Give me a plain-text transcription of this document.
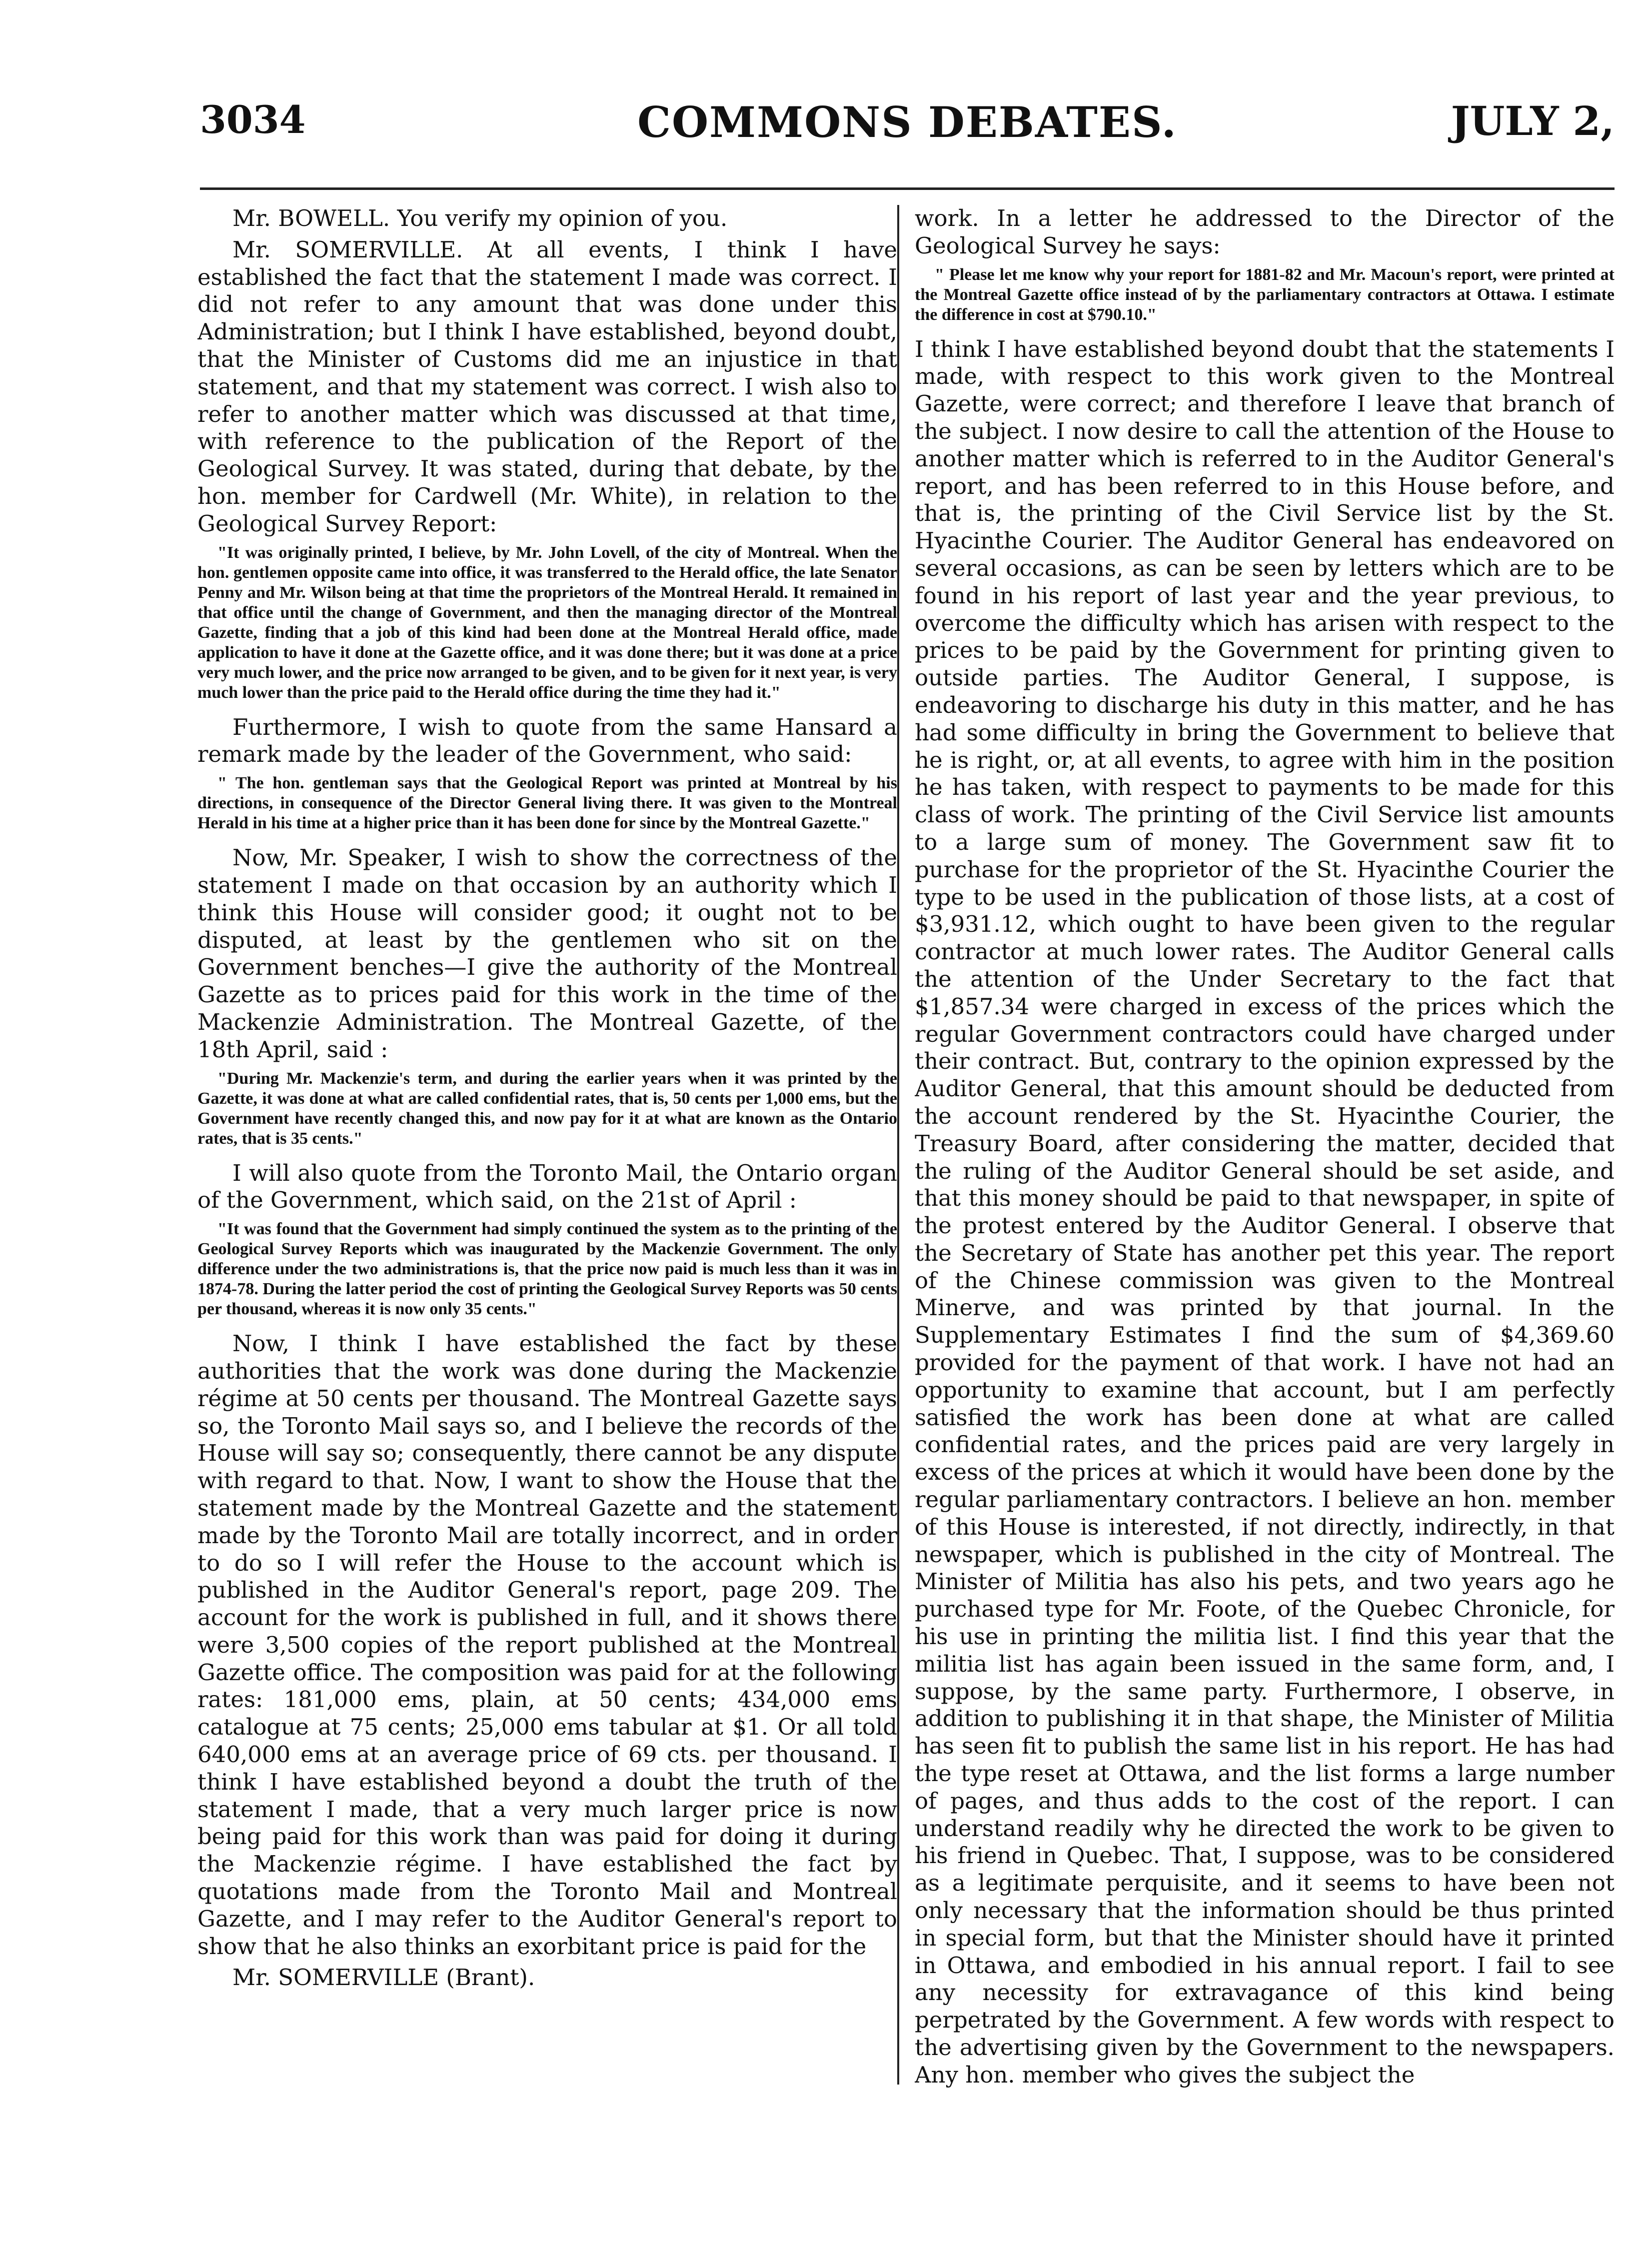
3034	COMMONS DEBATES.	JULY 2,

Mr. BOWELL. You verify my opinion of you.

Mr. SOMERVILLE. At all events, I think I have established the fact that the statement I made was correct. I did not refer to any amount that was done under this Administration; but I think I have established, beyond doubt, that the Minister of Customs did me an injustice in that statement, and that my statement was correct. I wish also to refer to another matter which was discussed at that time, with reference to the publication of the Report of the Geological Survey. It was stated, during that debate, by the hon. member for Cardwell (Mr. White), in relation to the Geological Survey Report:

"It was originally printed, I believe, by Mr. John Lovell, of the city of Montreal. When the hon. gentlemen opposite came into office, it was transferred to the Herald office, the late Senator Penny and Mr. Wilson being at that time the proprietors of the Montreal Herald. It remained in that office until the change of Government, and then the managing director of the Montreal Gazette, finding that a job of this kind had been done at the Montreal Herald office, made application to have it done at the Gazette office, and it was done there; but it was done at a price very much lower, and the price now arranged to be given, and to be given for it next year, is very much lower than the price paid to the Herald office during the time they had it."

Furthermore, I wish to quote from the same Hansard a remark made by the leader of the Government, who said:

" The hon. gentleman says that the Geological Report was printed at Montreal by his directions, in consequence of the Director General living there. It was given to the Montreal Herald in his time at a higher price than it has been done for since by the Montreal Gazette."

Now, Mr. Speaker, I wish to show the correctness of the statement I made on that occasion by an authority which I think this House will consider good; it ought not to be disputed, at least by the gentlemen who sit on the Government benches—I give the authority of the Montreal Gazette as to prices paid for this work in the time of the Mackenzie Administration. The Montreal Gazette, of the 18th April, said :

"During Mr. Mackenzie's term, and during the earlier years when it was printed by the Gazette, it was done at what are called confidential rates, that is, 50 cents per 1,000 ems, but the Government have recently changed this, and now pay for it at what are known as the Ontario rates, that is 35 cents."

I will also quote from the Toronto Mail, the Ontario organ of the Government, which said, on the 21st of April :

"It was found that the Government had simply continued the system as to the printing of the Geological Survey Reports which was inaugurated by the Mackenzie Government. The only difference under the two administrations is, that the price now paid is much less than it was in 1874-78. During the latter period the cost of printing the Geological Survey Reports was 50 cents per thousand, whereas it is now only 35 cents."

Now, I think I have established the fact by these authorities that the work was done during the Mackenzie régime at 50 cents per thousand. The Montreal Gazette says so, the Toronto Mail says so, and I believe the records of the House will say so; consequently, there cannot be any dispute with regard to that. Now, I want to show the House that the statement made by the Montreal Gazette and the statement made by the Toronto Mail are totally incorrect, and in order to do so I will refer the House to the account which is published in the Auditor General's report, page 209. The account for the work is published in full, and it shows there were 3,500 copies of the report published at the Montreal Gazette office. The composition was paid for at the following rates: 181,000 ems, plain, at 50 cents; 434,000 ems catalogue at 75 cents; 25,000 ems tabular at $1. Or all told 640,000 ems at an average price of 69 cts. per thousand. I think I have established beyond a doubt the truth of the statement I made, that a very much larger price is now being paid for this work than was paid for doing it during the Mackenzie régime. I have established the fact by quotations made from the Toronto Mail and Montreal Gazette, and I may refer to the Auditor General's report to show that he also thinks an exorbitant price is paid for the

Mr. SOMERVILLE (Brant).

work. In a letter he addressed to the Director of the Geological Survey he says:

" Please let me know why your report for 1881-82 and Mr. Macoun's report, were printed at the Montreal Gazette office instead of by the parliamentary contractors at Ottawa. I estimate the difference in cost at $790.10."

I think I have established beyond doubt that the statements I made, with respect to this work given to the Montreal Gazette, were correct; and therefore I leave that branch of the subject. I now desire to call the attention of the House to another matter which is referred to in the Auditor General's report, and has been referred to in this House before, and that is, the printing of the Civil Service list by the St. Hyacinthe Courier. The Auditor General has endeavored on several occasions, as can be seen by letters which are to be found in his report of last year and the year previous, to overcome the difficulty which has arisen with respect to the prices to be paid by the Government for printing given to outside parties. The Auditor General, I suppose, is endeavoring to discharge his duty in this matter, and he has had some difficulty in bring the Government to believe that he is right, or, at all events, to agree with him in the position he has taken, with respect to payments to be made for this class of work. The printing of the Civil Service list amounts to a large sum of money. The Government saw fit to purchase for the proprietor of the St. Hyacinthe Courier the type to be used in the publication of those lists, at a cost of $3,931.12, which ought to have been given to the regular contractor at much lower rates. The Auditor General calls the attention of the Under Secretary to the fact that $1,857.34 were charged in excess of the prices which the regular Government contractors could have charged under their contract. But, contrary to the opinion expressed by the Auditor General, that this amount should be deducted from the account rendered by the St. Hyacinthe Courier, the Treasury Board, after considering the matter, decided that the ruling of the Auditor General should be set aside, and that this money should be paid to that newspaper, in spite of the protest entered by the Auditor General. I observe that the Secretary of State has another pet this year. The report of the Chinese commission was given to the Montreal Minerve, and was printed by that journal. In the Supplementary Estimates I find the sum of $4,369.60 provided for the payment of that work. I have not had an opportunity to examine that account, but I am perfectly satisfied the work has been done at what are called confidential rates, and the prices paid are very largely in excess of the prices at which it would have been done by the regular parliamentary contractors. I believe an hon. member of this House is interested, if not directly, indirectly, in that newspaper, which is published in the city of Montreal. The Minister of Militia has also his pets, and two years ago he purchased type for Mr. Foote, of the Quebec Chronicle, for his use in printing the militia list. I find this year that the militia list has again been issued in the same form, and, I suppose, by the same party. Furthermore, I observe, in addition to publishing it in that shape, the Minister of Militia has seen fit to publish the same list in his report. He has had the type reset at Ottawa, and the list forms a large number of pages, and thus adds to the cost of the report. I can understand readily why he directed the work to be given to his friend in Quebec. That, I suppose, was to be considered as a legitimate perquisite, and it seems to have been not only necessary that the information should be thus printed in special form, but that the Minister should have it printed in Ottawa, and embodied in his annual report. I fail to see any necessity for extravagance of this kind being perpetrated by the Government. A few words with respect to the advertising given by the Government to the newspapers. Any hon. member who gives the subject the
